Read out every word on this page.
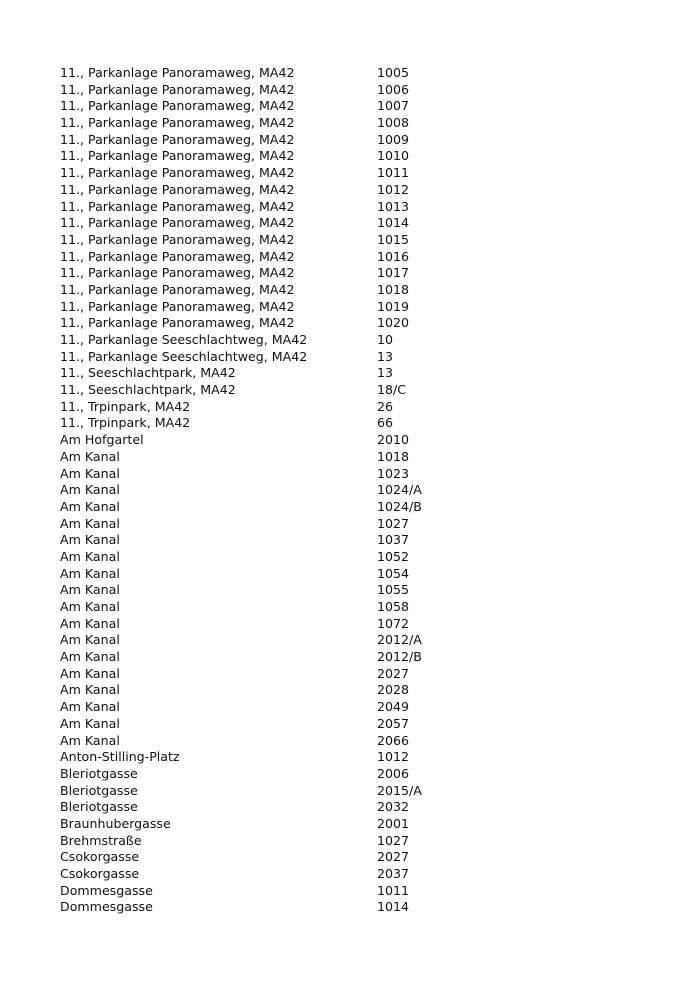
11., Parkanlage Panoramaweg, MA42	1005
11., Parkanlage Panoramaweg, MA42	1006
11., Parkanlage Panoramaweg, MA42	1007
11., Parkanlage Panoramaweg, MA42	1008
11., Parkanlage Panoramaweg, MA42	1009
11., Parkanlage Panoramaweg, MA42	1010
11., Parkanlage Panoramaweg, MA42	1011
11., Parkanlage Panoramaweg, MA42	1012
11., Parkanlage Panoramaweg, MA42	1013
11., Parkanlage Panoramaweg, MA42	1014
11., Parkanlage Panoramaweg, MA42	1015
11., Parkanlage Panoramaweg, MA42	1016
11., Parkanlage Panoramaweg, MA42	1017
11., Parkanlage Panoramaweg, MA42	1018
11., Parkanlage Panoramaweg, MA42	1019
11., Parkanlage Panoramaweg, MA42	1020
11., Parkanlage Seeschlachtweg, MA42	10
11., Parkanlage Seeschlachtweg, MA42	13
11., Seeschlachtpark, MA42	13
11., Seeschlachtpark, MA42	18/C
11., Trpinpark, MA42	26
11., Trpinpark, MA42	66
Am Hofgartel	2010
Am Kanal	1018
Am Kanal	1023
Am Kanal	1024/A
Am Kanal	1024/B
Am Kanal	1027
Am Kanal	1037
Am Kanal	1052
Am Kanal	1054
Am Kanal	1055
Am Kanal	1058
Am Kanal	1072
Am Kanal	2012/A
Am Kanal	2012/B
Am Kanal	2027
Am Kanal	2028
Am Kanal	2049
Am Kanal	2057
Am Kanal	2066
Anton-Stilling-Platz	1012
Bleriotgasse	2006
Bleriotgasse	2015/A
Bleriotgasse	2032
Braunhubergasse	2001
Brehmstraße	1027
Csokorgasse	2027
Csokorgasse	2037
Dommesgasse	1011
Dommesgasse	1014
